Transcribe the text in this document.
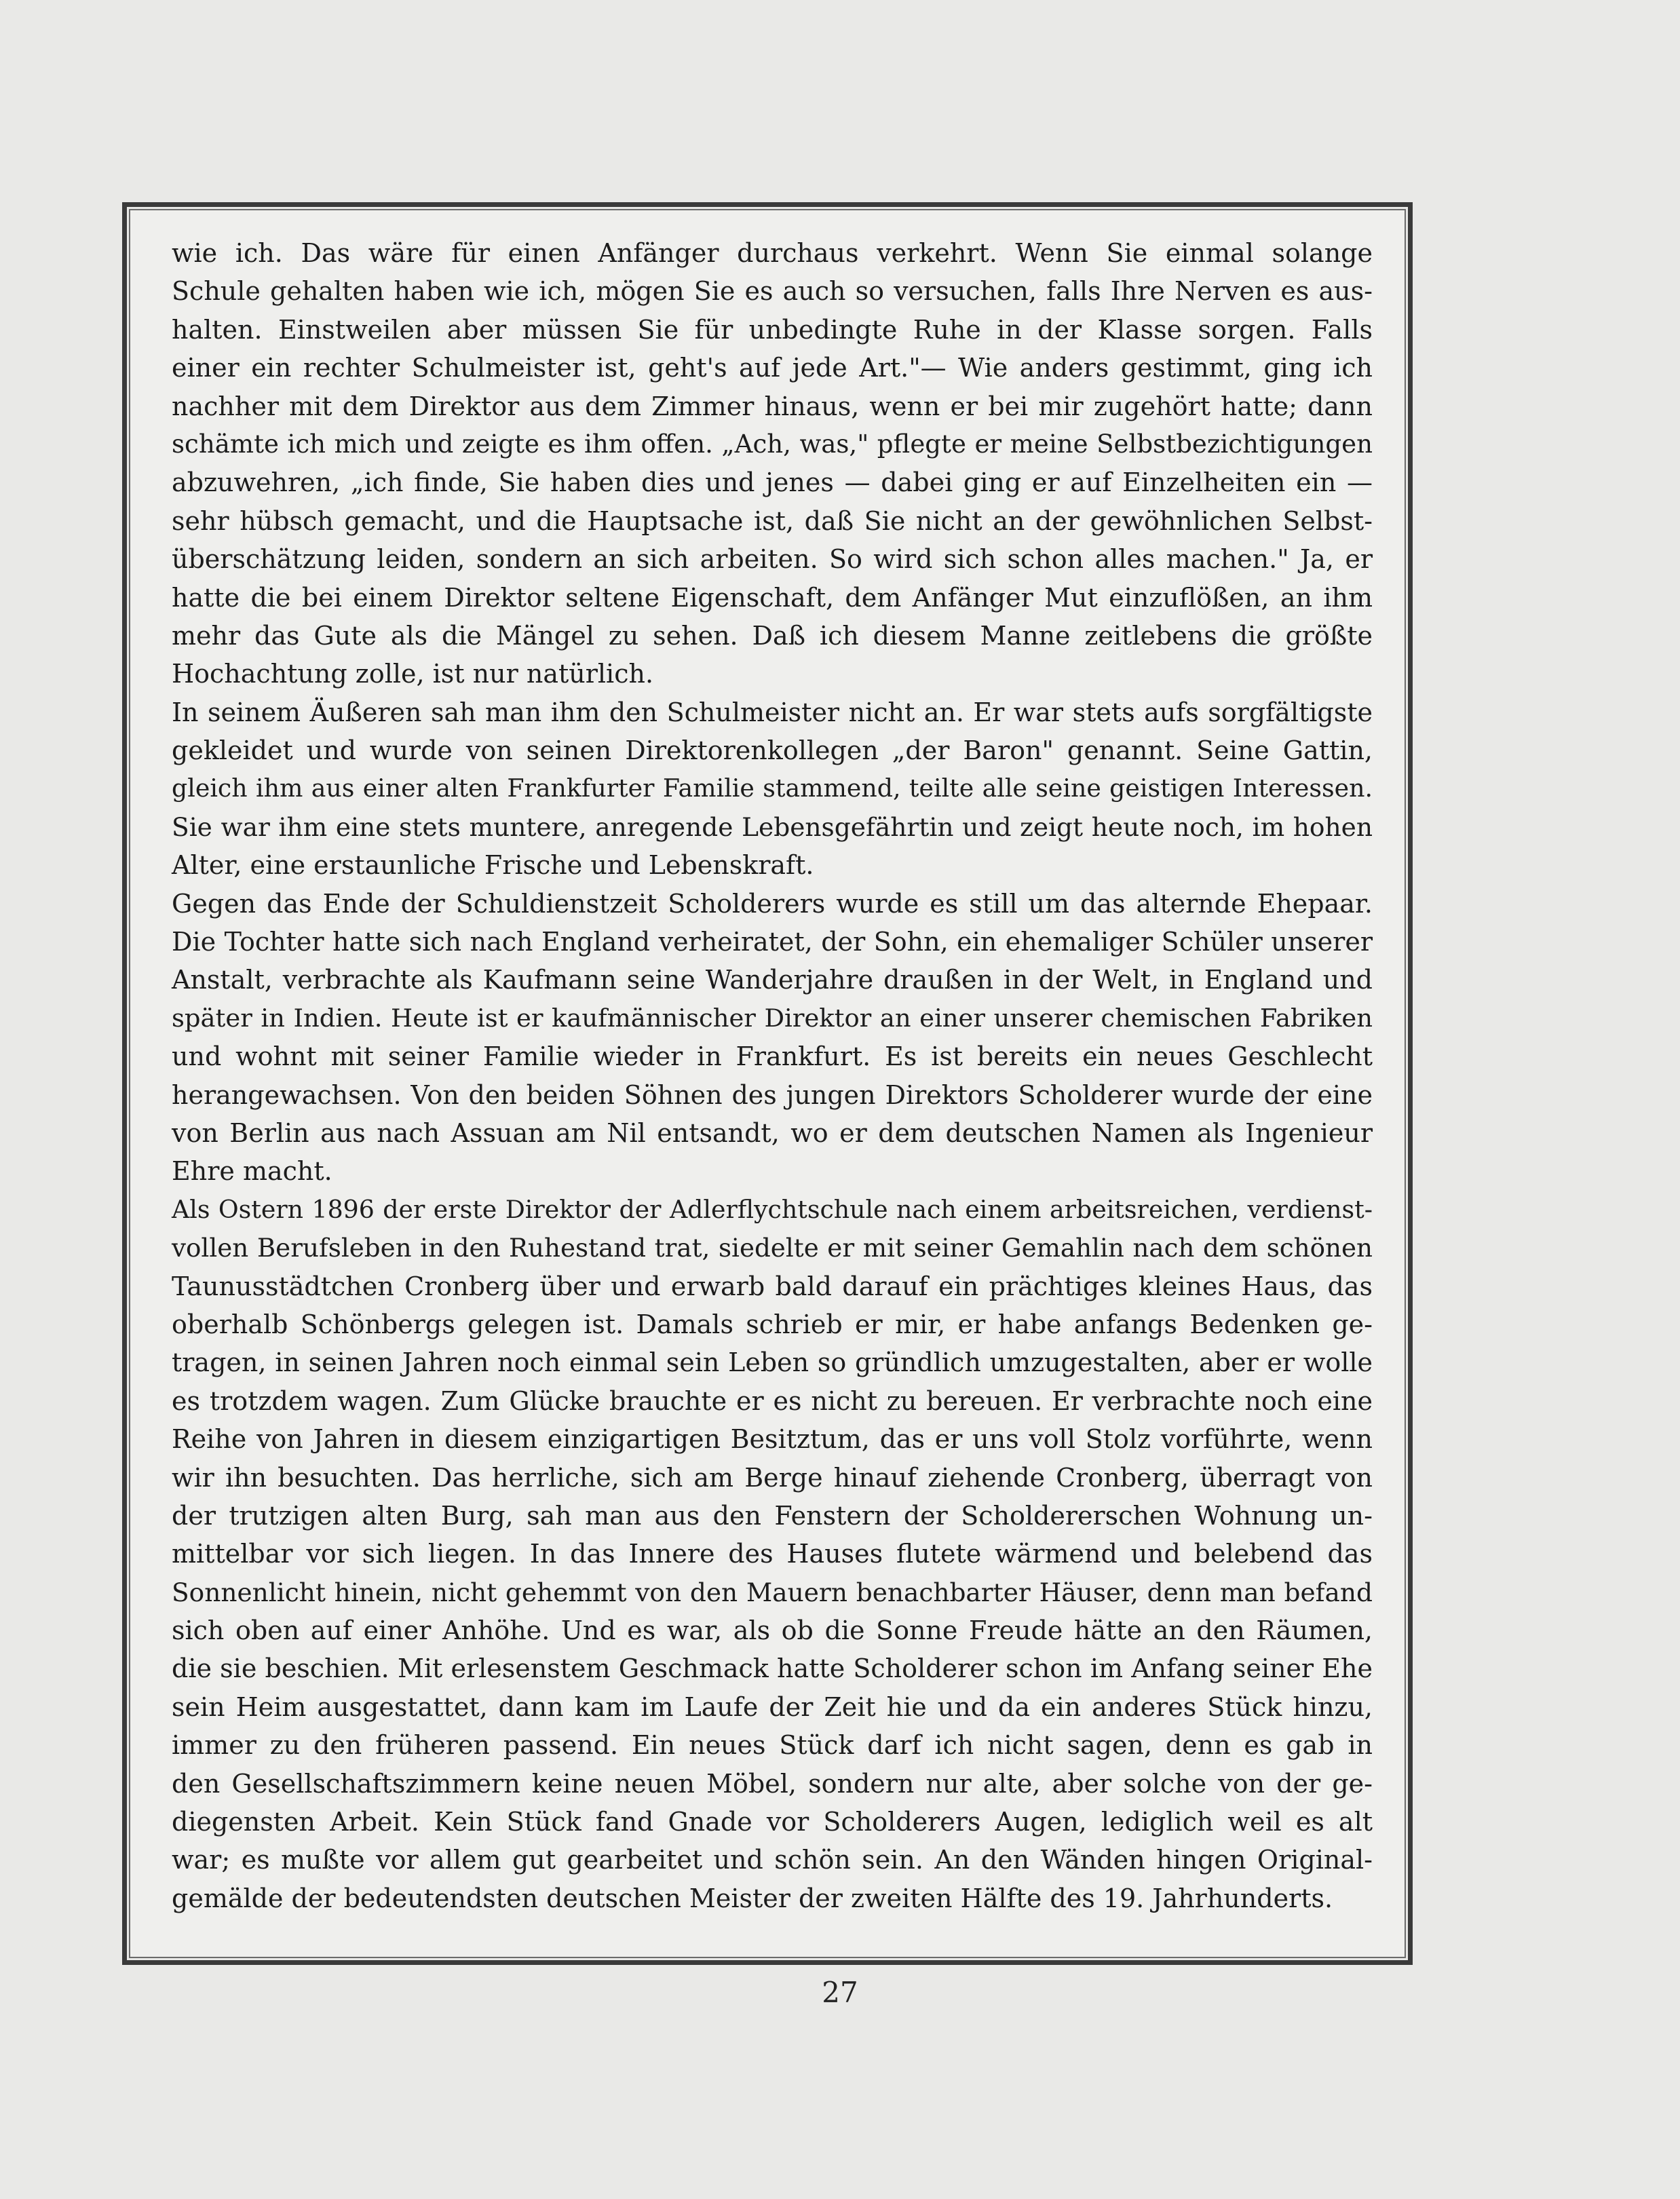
wie ich. Das wäre für einen Anfänger durchaus verkehrt. Wenn Sie einmal solange
Schule gehalten haben wie ich, mögen Sie es auch so versuchen, falls Ihre Nerven es aus-
halten. Einstweilen aber müssen Sie für unbedingte Ruhe in der Klasse sorgen. Falls
einer ein rechter Schulmeister ist, geht's auf jede Art."— Wie anders gestimmt, ging ich
nachher mit dem Direktor aus dem Zimmer hinaus, wenn er bei mir zugehört hatte; dann
schämte ich mich und zeigte es ihm offen. „Ach, was," pflegte er meine Selbstbezichtigungen
abzuwehren, „ich finde, Sie haben dies und jenes — dabei ging er auf Einzelheiten ein —
sehr hübsch gemacht, und die Hauptsache ist, daß Sie nicht an der gewöhnlichen Selbst-
überschätzung leiden, sondern an sich arbeiten. So wird sich schon alles machen." Ja, er
hatte die bei einem Direktor seltene Eigenschaft, dem Anfänger Mut einzuflößen, an ihm
mehr das Gute als die Mängel zu sehen. Daß ich diesem Manne zeitlebens die größte
Hochachtung zolle, ist nur natürlich.
In seinem Äußeren sah man ihm den Schulmeister nicht an. Er war stets aufs sorgfältigste
gekleidet und wurde von seinen Direktorenkollegen „der Baron" genannt. Seine Gattin,
gleich ihm aus einer alten Frankfurter Familie stammend, teilte alle seine geistigen Interessen.
Sie war ihm eine stets muntere, anregende Lebensgefährtin und zeigt heute noch, im hohen
Alter, eine erstaunliche Frische und Lebenskraft.
Gegen das Ende der Schuldienstzeit Scholderers wurde es still um das alternde Ehepaar.
Die Tochter hatte sich nach England verheiratet, der Sohn, ein ehemaliger Schüler unserer
Anstalt, verbrachte als Kaufmann seine Wanderjahre draußen in der Welt, in England und
später in Indien. Heute ist er kaufmännischer Direktor an einer unserer chemischen Fabriken
und wohnt mit seiner Familie wieder in Frankfurt. Es ist bereits ein neues Geschlecht
herangewachsen. Von den beiden Söhnen des jungen Direktors Scholderer wurde der eine
von Berlin aus nach Assuan am Nil entsandt, wo er dem deutschen Namen als Ingenieur
Ehre macht.
Als Ostern 1896 der erste Direktor der Adlerflychtschule nach einem arbeitsreichen, verdienst-
vollen Berufsleben in den Ruhestand trat, siedelte er mit seiner Gemahlin nach dem schönen
Taunusstädtchen Cronberg über und erwarb bald darauf ein prächtiges kleines Haus, das
oberhalb Schönbergs gelegen ist. Damals schrieb er mir, er habe anfangs Bedenken ge-
tragen, in seinen Jahren noch einmal sein Leben so gründlich umzugestalten, aber er wolle
es trotzdem wagen. Zum Glücke brauchte er es nicht zu bereuen. Er verbrachte noch eine
Reihe von Jahren in diesem einzigartigen Besitztum, das er uns voll Stolz vorführte, wenn
wir ihn besuchten. Das herrliche, sich am Berge hinauf ziehende Cronberg, überragt von
der trutzigen alten Burg, sah man aus den Fenstern der Scholdererschen Wohnung un-
mittelbar vor sich liegen. In das Innere des Hauses flutete wärmend und belebend das
Sonnenlicht hinein, nicht gehemmt von den Mauern benachbarter Häuser, denn man befand
sich oben auf einer Anhöhe. Und es war, als ob die Sonne Freude hätte an den Räumen,
die sie beschien. Mit erlesenstem Geschmack hatte Scholderer schon im Anfang seiner Ehe
sein Heim ausgestattet, dann kam im Laufe der Zeit hie und da ein anderes Stück hinzu,
immer zu den früheren passend. Ein neues Stück darf ich nicht sagen, denn es gab in
den Gesellschaftszimmern keine neuen Möbel, sondern nur alte, aber solche von der ge-
diegensten Arbeit. Kein Stück fand Gnade vor Scholderers Augen, lediglich weil es alt
war; es mußte vor allem gut gearbeitet und schön sein. An den Wänden hingen Original-
gemälde der bedeutendsten deutschen Meister der zweiten Hälfte des 19. Jahrhunderts.
27
